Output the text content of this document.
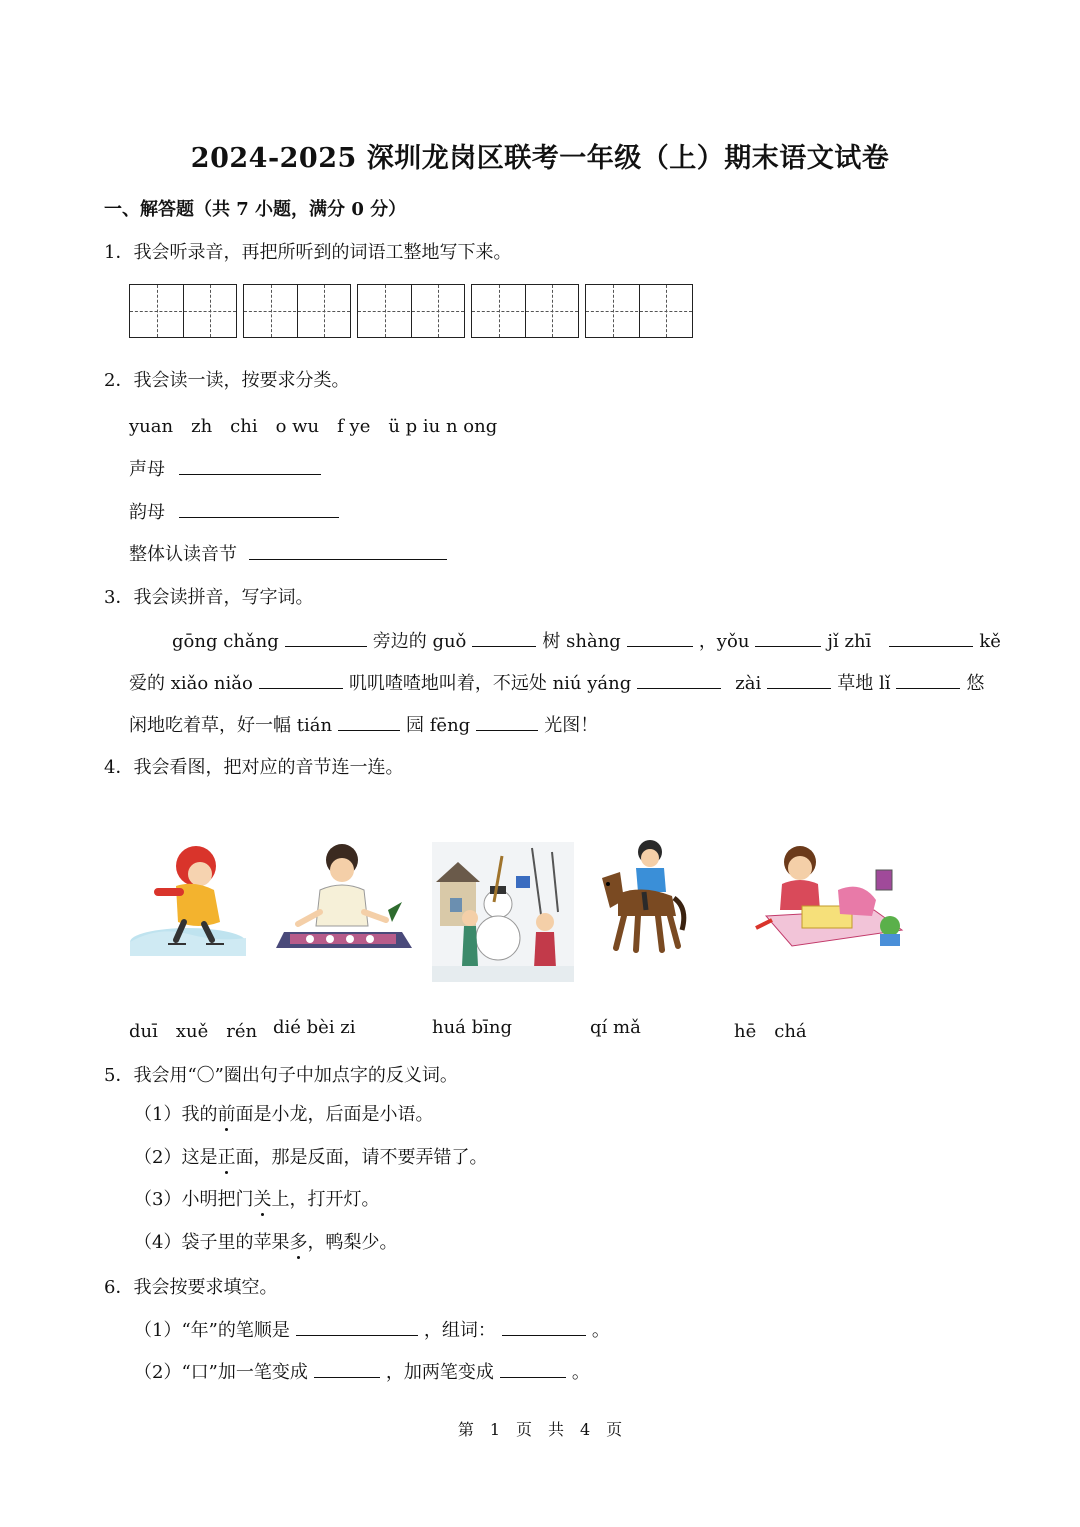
2024-2025 深圳龙岗区联考一年级（上）期末语文试卷
一、解答题（共 7 小题，满分 0 分）
1．我会听录音，再把所听到的词语工整地写下来。
2．我会读一读，按要求分类。
yuan　zh　chi　o wu　f ye　ü p iu n ong
声母
韵母
整体认读音节
3．我会读拼音，写字词。
gōng chǎng	旁边的 guǒ	树 shàng	，yǒu	jǐ zhī	kě
爱的 xiǎo niǎo	叽叽喳喳地叫着，不远处 niú yáng	zài	草地 lǐ	悠
闲地吃着草，好一幅 tián	园 fēng	光图！
4．我会看图，把对应的音节连一连。
duī　xuě　rén dié bèi zi	huá bīng	qí mǎ	hē　chá
5．我会用“〇”圈出句子中加点字的反义词。
（1）我的前面是小龙，后面是小语。
（2）这是正面，那是反面，请不要弄错了。
（3）小明把门关上，打开灯。
（4）袋子里的苹果多，鸭梨少。
6．我会按要求填空。
（1）“年”的笔顺是	，组词：	。
（2）“口”加一笔变成	，加两笔变成	。
第　1　页　共　4　页
